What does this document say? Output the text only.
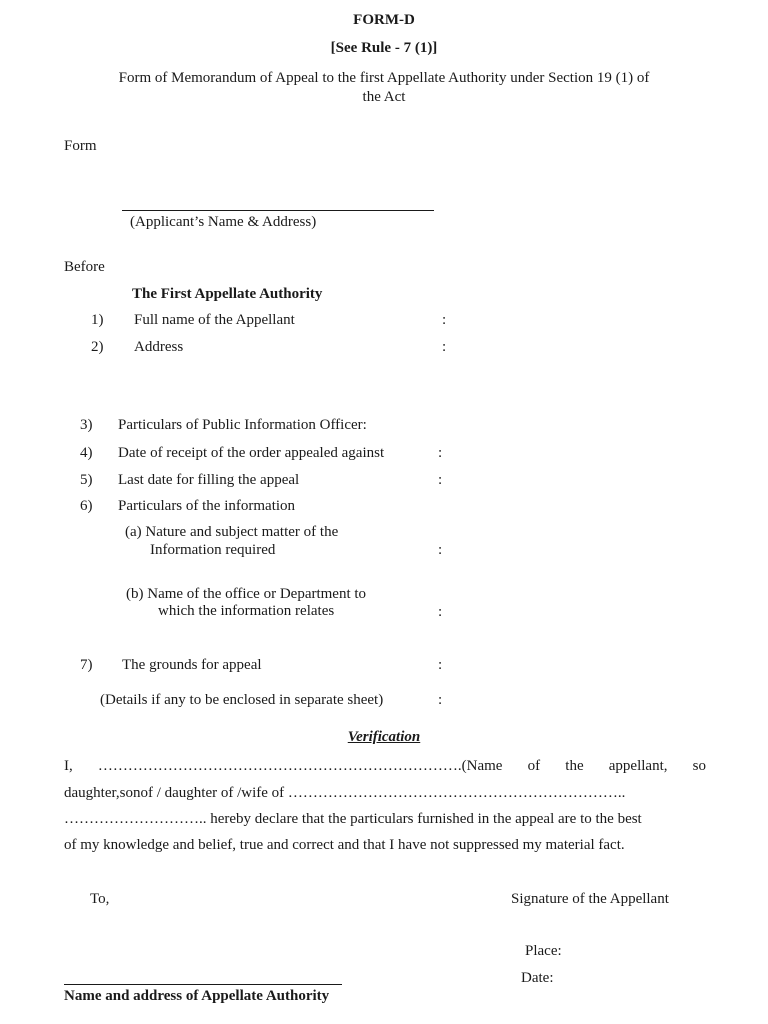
FORM-D
[See Rule - 7 (1)]
Form of Memorandum of Appeal to the first Appellate Authority under Section 19 (1) of
the Act
Form
(Applicant’s Name & Address)
Before
The First Appellate Authority
1) Full name of the Appellant	:
2) Address	:
3) Particulars of Public Information Officer:
4) Date of receipt of the order appealed against	:
5) Last date for filling the appeal	:
6) Particulars of the information
(a) Nature and subject matter of the
Information required	:
(b) Name of the office or Department to
which the information relates	:
7) The grounds for appeal	:
(Details if any to be enclosed in separate sheet)	:
Verification
I, ……………………………………………………………….(Name of the appellant, so
daughter,sonof / daughter of /wife of …………………………………………………………..
……………………….. hereby declare that the particulars furnished in the appeal are to the best
of my knowledge and belief, true and correct and that I have not suppressed my material fact.
To,	Signature of the Appellant
Place:
Date:
Name and address of Appellate Authority
